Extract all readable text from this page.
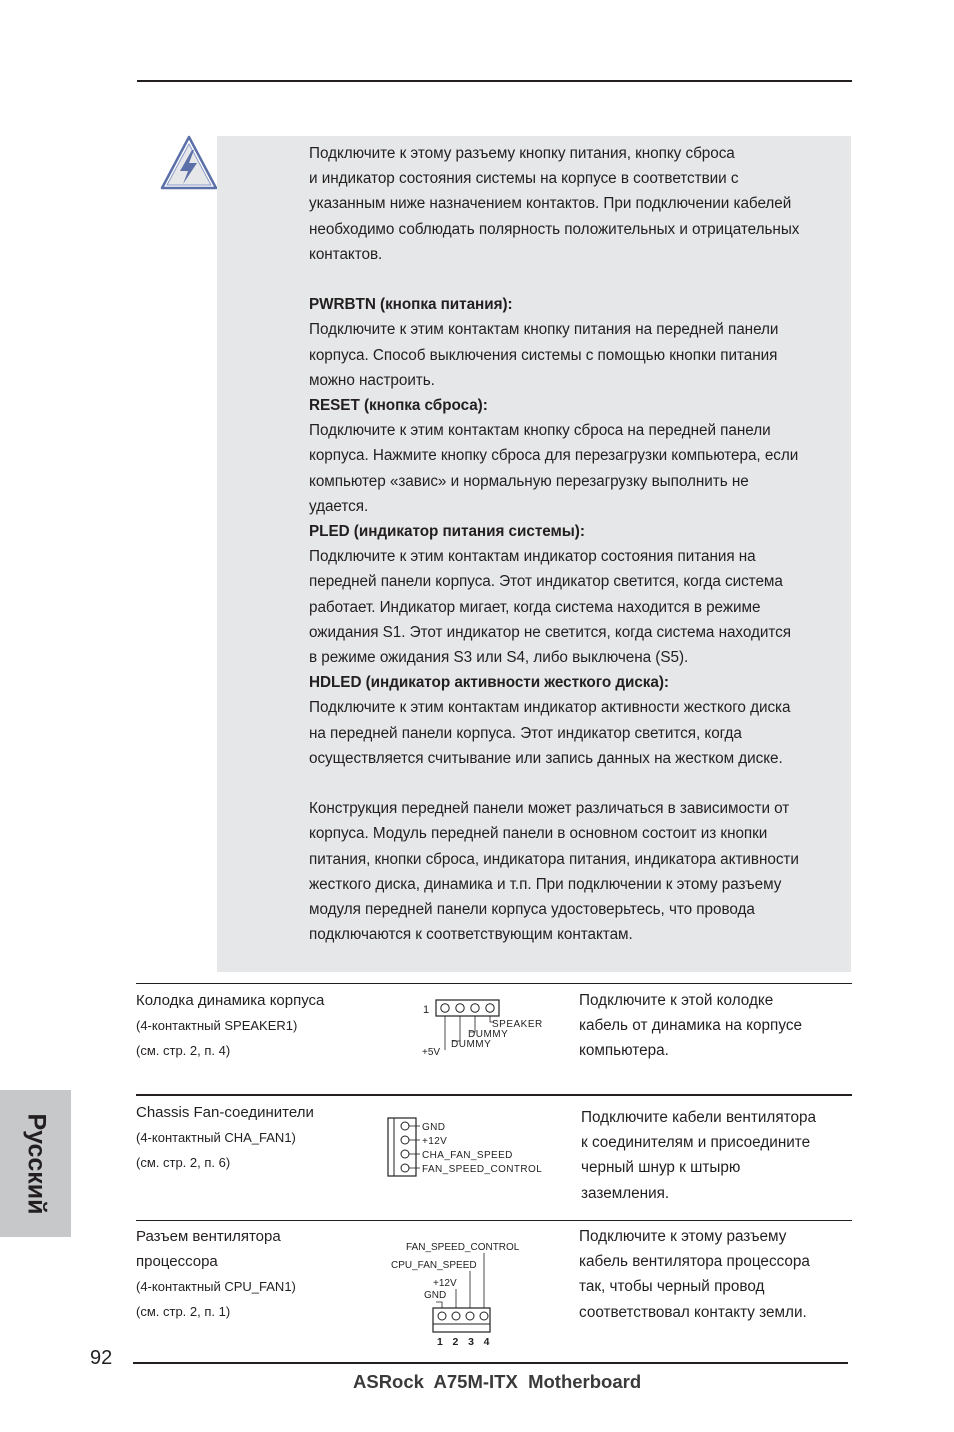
Подключите к этому разъему кнопку питания, кнопку сброса

и индикатор состояния системы на корпусе в соответствии с

указанным ниже назначением контактов. При подключении кабелей

необходимо соблюдать полярность положительных и отрицательных

контактов.

PWRBTN (кнопка питания):

Подключите к этим контактам кнопку питания на передней панели

корпуса. Способ выключения системы с помощью кнопки питания

можно настроить.

RESET (кнопка сброса):

Подключите к этим контактам кнопку сброса на передней панели

корпуса. Нажмите кнопку сброса для перезагрузки компьютера, если

компьютер «завис» и нормальную перезагрузку выполнить не

удается.

PLED (индикатор питания системы):

Подключите к этим контактам индикатор состояния питания на

передней панели корпуса. Этот индикатор светится, когда система

работает. Индикатор мигает, когда система находится в режиме

ожидания S1. Этот индикатор не светится, когда система находится

в режиме ожидания S3 или S4, либо выключена (S5).

HDLED (индикатор активности жесткого диска):

Подключите к этим контактам индикатор активности жесткого диска

на передней панели корпуса. Этот индикатор светится, когда

осуществляется считывание или запись данных на жестком диске.

Конструкция передней панели может различаться в зависимости от

корпуса. Модуль передней панели в основном состоит из кнопки

питания, кнопки сброса, индикатора питания, индикатора активности

жесткого диска, динамика и т.п. При подключении к этому разъему

модуля передней панели корпуса удостоверьтесь, что провода

подключаются к соответствующим контактам.

Колодка динамика корпуса
(4-контактный SPEAKER1)
(см. стр. 2, п. 4)
1
SPEAKER
DUMMY
DUMMY
+5V
Подключите к этой колодке
кабель от динамика на корпусе
компьютера.
Chassis Fan-соединители
(4-контактный CHA_FAN1)
(см. стр. 2, п. 6)
GND
+12V
CHA_FAN_SPEED
FAN_SPEED_CONTROL
Подключите кабели вентилятора
к соединителям и присоедините
черный шнур к штырю
заземления.
Разъем вентилятора
процессора
(4-контактный CPU_FAN1)
(см. стр. 2, п. 1)
FAN_SPEED_CONTROL
CPU_FAN_SPEED
+12V
GND
1 2 3 4
Подключите к этому разъему
кабель вентилятора процессора
так, чтобы черный провод
соответствовал контакту земли.
Русский
92
ASRock  A75M-ITX  Motherboard
